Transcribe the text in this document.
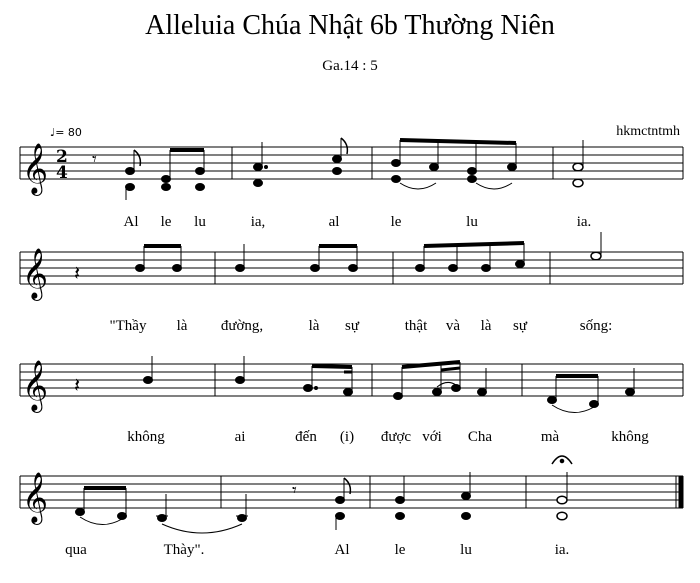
Alleluia Chúa Nhật 6b Thường Niên
Ga.14 : 5
hkmctntmh
♩= 80
𝄞 2
4
𝄾
Al le lu	ia,	al	le	lu	ia.
𝄞 𝄽
"Thầy là đường,	là sự	thật và là sự	sống:
𝄞 𝄽
không	ai	đến (i) được với Cha	mà	không
𝄞	𝄾
qua	Thày".	Al	le	lu	ia.
